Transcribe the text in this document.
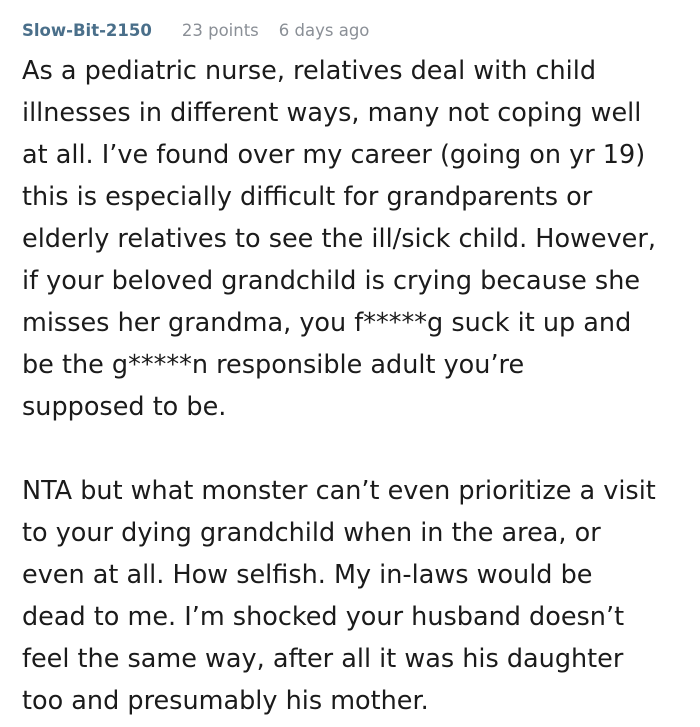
Slow-Bit-2150 23 points 6 days ago
As a pediatric nurse, relatives deal with child
illnesses in different ways, many not coping well
at all. I’ve found over my career (going on yr 19)
this is especially difficult for grandparents or
elderly relatives to see the ill/sick child. However,
if your beloved grandchild is crying because she
misses her grandma, you f*****g suck it up and
be the g*****n responsible adult you’re
supposed to be.
NTA but what monster can’t even prioritize a visit
to your dying grandchild when in the area, or
even at all. How selfish. My in-laws would be
dead to me. I’m shocked your husband doesn’t
feel the same way, after all it was his daughter
too and presumably his mother.
